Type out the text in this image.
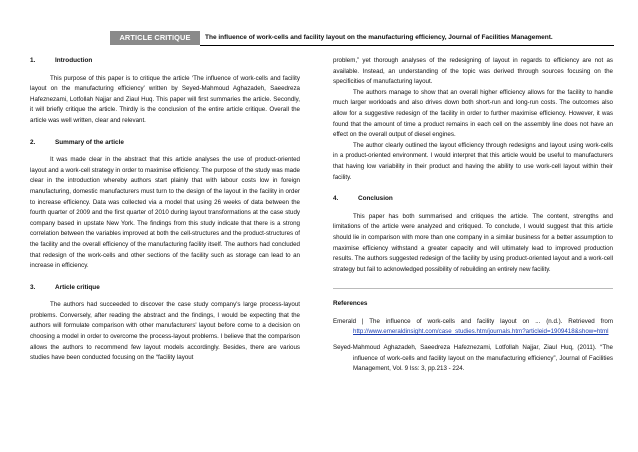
ARTICLE CRITIQUE	The influence of work-cells and facility layout on the manufacturing efficiency, Journal of Facilities Management.
1.	Introduction

This purpose of this paper is to critique the article ‘The influence of work-cells and facility layout on the manufacturing efficiency’ written by Seyed-Mahmoud Aghazadeh, Saeedreza Hafeznezami, Lotfollah Najjar and Ziaul Huq. This paper will first summaries the article. Secondly, it will briefly critique the article. Thirdly is the conclusion of the entire article critique. Overall the article was well written, clear and relevant.

2.	Summary of the article

It was made clear in the abstract that this article analyses the use of product-oriented layout and a work-cell strategy in order to maximise efficiency. The purpose of the study was made clear in the introduction whereby authors start plainly that with labour costs low in foreign manufacturing, domestic manufacturers must turn to the design of the layout in the facility in order to increase efficiency. Data was collected via a model that using 26 weeks of data between the fourth quarter of 2009 and the first quarter of 2010 during layout transformations at the case study company based in upstate New York. The findings from this study indicate that there is a strong correlation between the variables improved at both the cell-structures and the product-structures of the facility and the overall efficiency of the manufacturing facility itself. The authors had concluded that redesign of the work-cells and other sections of the facility such as storage can lead to an increase in efficiency.

3.	Article critique

The authors had succeeded to discover the case study company's large process-layout problems. Conversely, after reading the abstract and the findings, I would be expecting that the authors will formulate comparison with other manufacturers' layout before come to a decision on choosing a model in order to overcome the process-layout problems. I believe that the comparison allows the authors to recommend few layout models accordingly. Besides, there are various studies have been conducted focusing on the “facility layout

problem,” yet thorough analyses of the redesigning of layout in regards to efficiency are not as available. Instead, an understanding of the topic was derived through sources focusing on the specificities of manufacturing layout.

The authors manage to show that an overall higher efficiency allows for the facility to handle much larger workloads and also drives down both short-run and long-run costs. The outcomes also allow for a suggestive redesign of the facility in order to further maximise efficiency. However, it was found that the amount of time a product remains in each cell on the assembly line does not have an effect on the overall output of diesel engines.

The author clearly outlined the layout efficiency through redesigns and layout using work-cells in a product-oriented environment. I would interpret that this article would be useful to manufacturers that having low variability in their product and having the ability to use work-cell layout within their facility.

4.	Conclusion

This paper has both summarised and critiques the article. The content, strengths and limitations of the article were analyzed and critiqued. To conclude, I would suggest that this article should lie in comparison with more than one company in a similar business for a better assumption to maximise efficiency withstand a greater capacity and will ultimately lead to improved production results. The authors suggested redesign of the facility by using product-oriented layout and a work-cell strategy but fail to acknowledged possibility of rebuilding an entirely new facility.

References

Emerald | The influence of work-cells and facility layout on ... (n.d.). Retrieved from http://www.emeraldinsight.com/case_studies.htm/journals.htm?articleid=1909418&show=html

Seyed-Mahmoud Aghazadeh, Saeedreza Hafeznezami, Lotfollah Najjar, Ziaul Huq, (2011). “The influence of work-cells and facility layout on the manufacturing efficiency”, Journal of Facilities Management, Vol. 9 Iss: 3, pp.213 - 224.
